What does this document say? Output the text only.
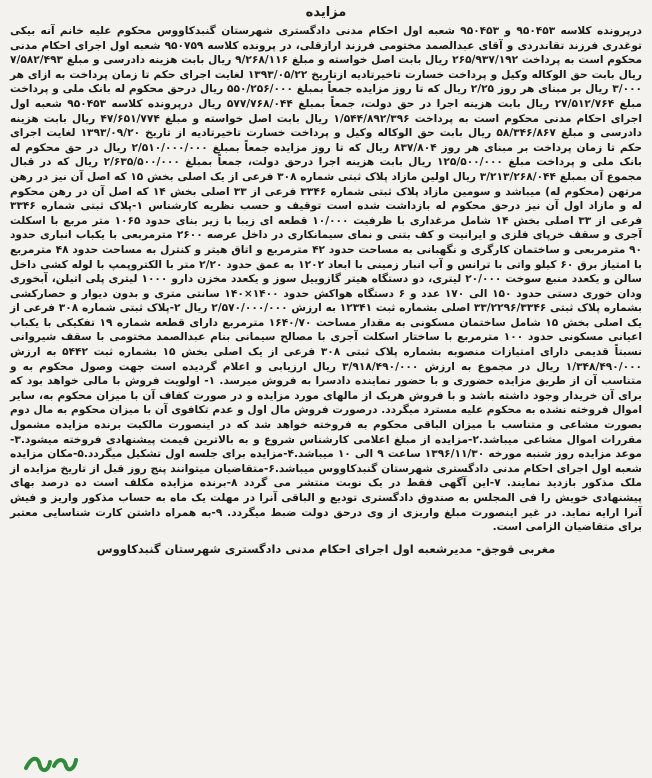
مزایده

درپرونده کلاسه ۹۵۰۴۵۳ و ۹۵۰۴۵۳ شعبه اول احکام مدنی دادگستری شهرستان گنبدکاووس محکوم علیه خانم آنه بیکی توغدری فرزند تقاندردی و آقای عبدالصمد مختومی فرزند ارازقلی، در پرونده کلاسه ۹۵۰۷۵۹ شعبه اول اجرای احکام مدنی محکوم است به پرداخت ۲۶۵/۹۳۷/۱۹۲ ریال بابت اصل خواسته و مبلغ ۹/۲۶۸/۱۱۶ ریال بابت هزینه دادرسی و مبلغ ۷/۵۸۲/۴۹۳ ریال بابت حق الوکاله وکیل و پرداخت خسارت تاخیرتادیه ازتاریخ ۱۳۹۳/۰۵/۲۲ لغایت اجرای حکم تا زمان پرداخت به ازای هر ۳/۰۰۰ ریال بر مبنای هر روز ۲/۲۵ ریال که تا روز مزایده جمعاً بمبلغ ۵۵۰/۲۵۶/۰۰۰ ریال درحق محکوم له بانک ملی و پرداخت مبلغ ۲۷/۵۱۲/۷۶۴ ریال بابت هزینه اجرا در حق دولت، جمعاً بمبلغ ۵۷۷/۷۶۸/۰۴۴ ریال درپرونده کلاسه ۹۵۰۴۵۳ شعبه اول اجرای احکام مدنی محکوم است به پرداخت ۱/۵۴۴/۸۹۲/۳۹۶ ریال بابت اصل خواسته و مبلغ ۴۷/۶۵۱/۷۷۴ ریال بابت هزینه دادرسی و مبلغ ۵۸/۳۴۶/۸۶۷ ریال بابت حق الوکاله وکیل و پرداخت خسارت تاخیرتادیه از تاریخ ۱۳۹۳/۰۹/۲۰ لغایت اجرای حکم تا زمان پرداخت بر مبنای هر روز ۸۳۷/۸۰۴ ریال که تا روز مزایده جمعاً بمبلغ ۲/۵۱۰/۰۰۰/۰۰۰ ریال در حق محکوم له بانک ملی و پرداخت مبلغ ۱۲۵/۵۰۰/۰۰۰ ریال بابت هزینه اجرا درحق دولت، جمعاً بمبلغ ۲/۶۳۵/۵۰۰/۰۰۰ ریال که در قبال مجموع آن بمبلغ ۳/۲۱۳/۲۶۸/۰۴۴ ریال اولین مازاد پلاک ثبتی شماره ۳۰۸ فرعی از یک اصلی بخش ۱۵ که اصل آن نیز در رهن مرتهن (محکوم له) میباشد و سومین مازاد پلاک ثبتی شماره ۳۳۴۶ فرعی از ۳۳ اصلی بخش ۱۴ که اصل آن در رهن محکوم له و مازاد اول آن نیز درحق محکوم له بازداشت شده است توقیف و حسب نظریه کارشناس ۱-پلاک ثبتی شماره ۳۳۴۶ فرعی از ۳۳ اصلی بخش ۱۴ شامل مرغداری با ظرفیت ۱۰/۰۰۰ قطعه ای زیبا با زیر بنای حدود ۱۰۶۵ متر مربع با اسکلت آجری و سقف خرپای فلزی و ایرانیت و کف بتنی و نمای سیمانکاری در داخل عرصه ۲۶۰۰ مترمربعی با یکباب انباری حدود ۹۰ مترمربعی و ساختمان کارگری و نگهبانی به مساحت حدود ۴۲ مترمربع و اتاق هیتر و کنترل به مساحت حدود ۴۸ مترمربع با امتیاز برق ۶۰ کیلو واتی با ترانس و آب انبار زمینی با ابعاد ۱۲۰۲ به عمق حدود ۲/۲۰ متر با الکتروپمپ با لوله کشی داخل سالن و یکعدد منبع سوخت ۲۰/۰۰۰ لیتری، دو دستگاه هیتر گازوییل سوز و یکعدد مخزن دارو ۱۰۰۰ لیتری پلی اتیلن، آبخوری ودان خوری دستی حدود ۱۵۰ الی ۱۷۰ عدد و ۶ دستگاه هواکش حدود ۱۴۰۰×۱۴۰ سانتی متری و بدون دیوار و حصارکشی بشماره پلاک ثبتی ۳۳/۲۲۹۶/۳۳۴۶ اصلی بشماره ثبت ۱۲۳۴۱ به ارزش ۲/۵۷۰/۰۰۰/۰۰۰ ریال ۲-پلاک ثبتی شماره ۳۰۸ فرعی از یک اصلی بخش ۱۵ شامل ساختمان مسکونی به مقدار مساحت ۱۶۴۰/۷۰ مترمربع دارای قطعه شماره ۱۹ تفکیکی با یکباب اعیانی مسکونی حدود ۱۰۰ مترمربع با ساختار اسکلت آجری با مصالح سیمانی بنام عبدالصمد مختومی با سقف شیروانی نسبتاً قدیمی دارای امتیازات منصوبه بشماره پلاک ثبتی ۳۰۸ فرعی از یک اصلی بخش ۱۵ بشماره ثبت ۵۴۴۲ به ارزش ۱/۳۴۸/۴۹۰/۰۰۰ ریال در مجموع به ارزش ۳/۹۱۸/۴۹۰/۰۰۰ ریال ارزیابی و اعلام گردیده است جهت وصول محکوم به و متناسب آن از طریق مزایده حضوری و با حضور نماینده دادسرا به فروش میرسد. ۱- اولویت فروش با مالی خواهد بود که برای آن خریدار وجود داشته باشد و با فروش هریک از مالهای مورد مزایده و در صورت کفاف آن با میزان محکوم به، سایر اموال فروخته نشده به محکوم علیه مسترد میگردد. درصورت فروش مال اول و عدم تکافوی آن با میزان محکوم به مال دوم بصورت مشاعی و متناسب با میزان الباقی محکوم به فروخته خواهد شد که در اینصورت مالکیت برنده مزایده مشمول مقررات اموال مشاعی میباشد.۲-مزایده از مبلغ اعلامی کارشناس شروع و به بالاترین قیمت پیشنهادی فروخته میشود.۳-موعد مزایده روز شنبه مورخه ۱۳۹۶/۱۱/۳۰ ساعت ۹ الی ۱۰ میباشد.۴-مزایده برای جلسه اول تشکیل میگردد.۵-مکان مزایده شعبه اول اجرای احکام مدنی دادگستری شهرستان گنبدکاووس میباشد.۶-متقاضیان میتوانند پنج روز قبل از تاریخ مزایده از ملک مذکور بازدید نمایند. ۷-این آگهی فقط در یک نوبت منتشر می گردد ۸-برنده مزایده مکلف است ده درصد بهای پیشنهادی خویش را فی المجلس به صندوق دادگستری تودیع و الباقی آنرا در مهلت یک ماه به حساب مذکور واریز و فیش آنرا ارایه نماید. در غیر اینصورت مبلغ واریزی از وی درحق دولت ضبط میگردد. ۹-به همراه داشتن کارت شناسایی معتبر برای متقاضیان الزامی است.

مغربی قوجق- مدیرشعبه اول اجرای احکام مدنی دادگستری شهرستان گنبدکاووس
